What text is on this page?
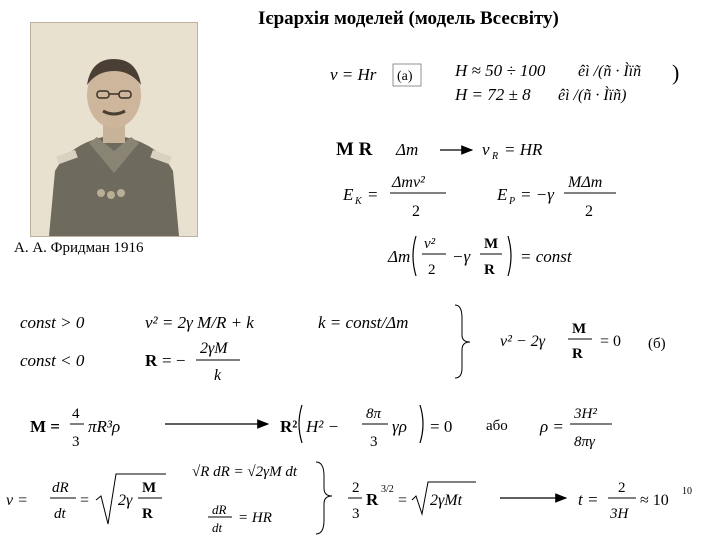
Ієрархія моделей (модель Всесвіту)
А. А. Фридман 1916
v = Hr (а) H ≈ 50 ÷ 100 êì /(ñ · Ìïñ )
H = 72 ± 8 êì /(ñ · Ìïñ)
M R Δm	v R = HR
E K =
Δmv²
2
E P = −γ
MΔm
2
Δm
v²
2
−γ
M
R
= const
const > 0	v² = 2γ M/R + k	k = const/Δm
const < 0	R = −
2γM
k
v² − 2γ
M
R
= 0 (б)
M =
4
3
πR³ρ	R² H² −
8π
3
γρ = 0 або ρ =
3H²
8πγ
v =
dR
dt
= 2γ
M
R
√R dR = √2γM dt
dR
dt
= HR
2
3
R
3/2
= 2γMt	t =
2
3H
≈ 10
10
